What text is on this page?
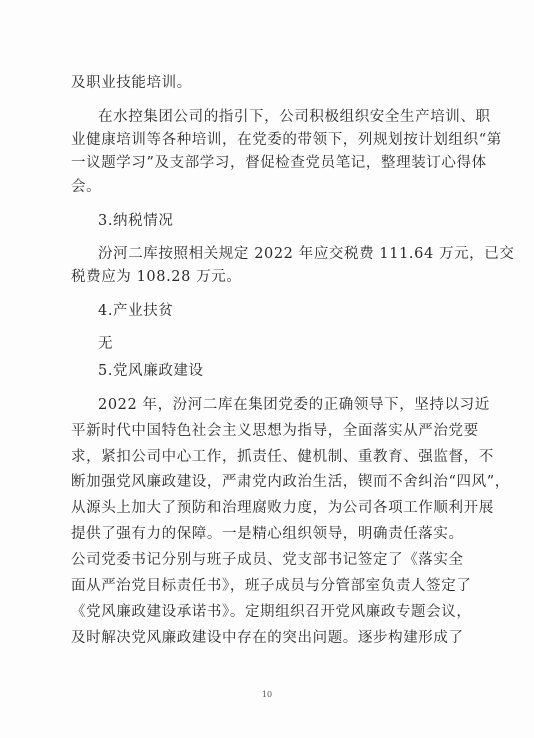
及职业技能培训。
在水控集团公司的指引下，公司积极组织安全生产培训、职
业健康培训等各种培训，在党委的带领下，列规划按计划组织“第
一议题学习”及支部学习，督促检查党员笔记，整理装订心得体
会。
3.纳税情况
汾河二库按照相关规定 2022 年应交税费 111.64 万元，已交
税费应为 108.28 万元。
4.产业扶贫
无
5.党风廉政建设
2022 年，汾河二库在集团党委的正确领导下，坚持以习近
平新时代中国特色社会主义思想为指导，全面落实从严治党要
求，紧扣公司中心工作，抓责任、健机制、重教育、强监督，不
断加强党风廉政建设，严肃党内政治生活，锲而不舍纠治“四风”，
从源头上加大了预防和治理腐败力度，为公司各项工作顺利开展
提供了强有力的保障。一是精心组织领导，明确责任落实。
公司党委书记分别与班子成员、党支部书记签定了《落实全
面从严治党目标责任书》，班子成员与分管部室负责人签定了
《党风廉政建设承诺书》。定期组织召开党风廉政专题会议，
及时解决党风廉政建设中存在的突出问题。逐步构建形成了
10
